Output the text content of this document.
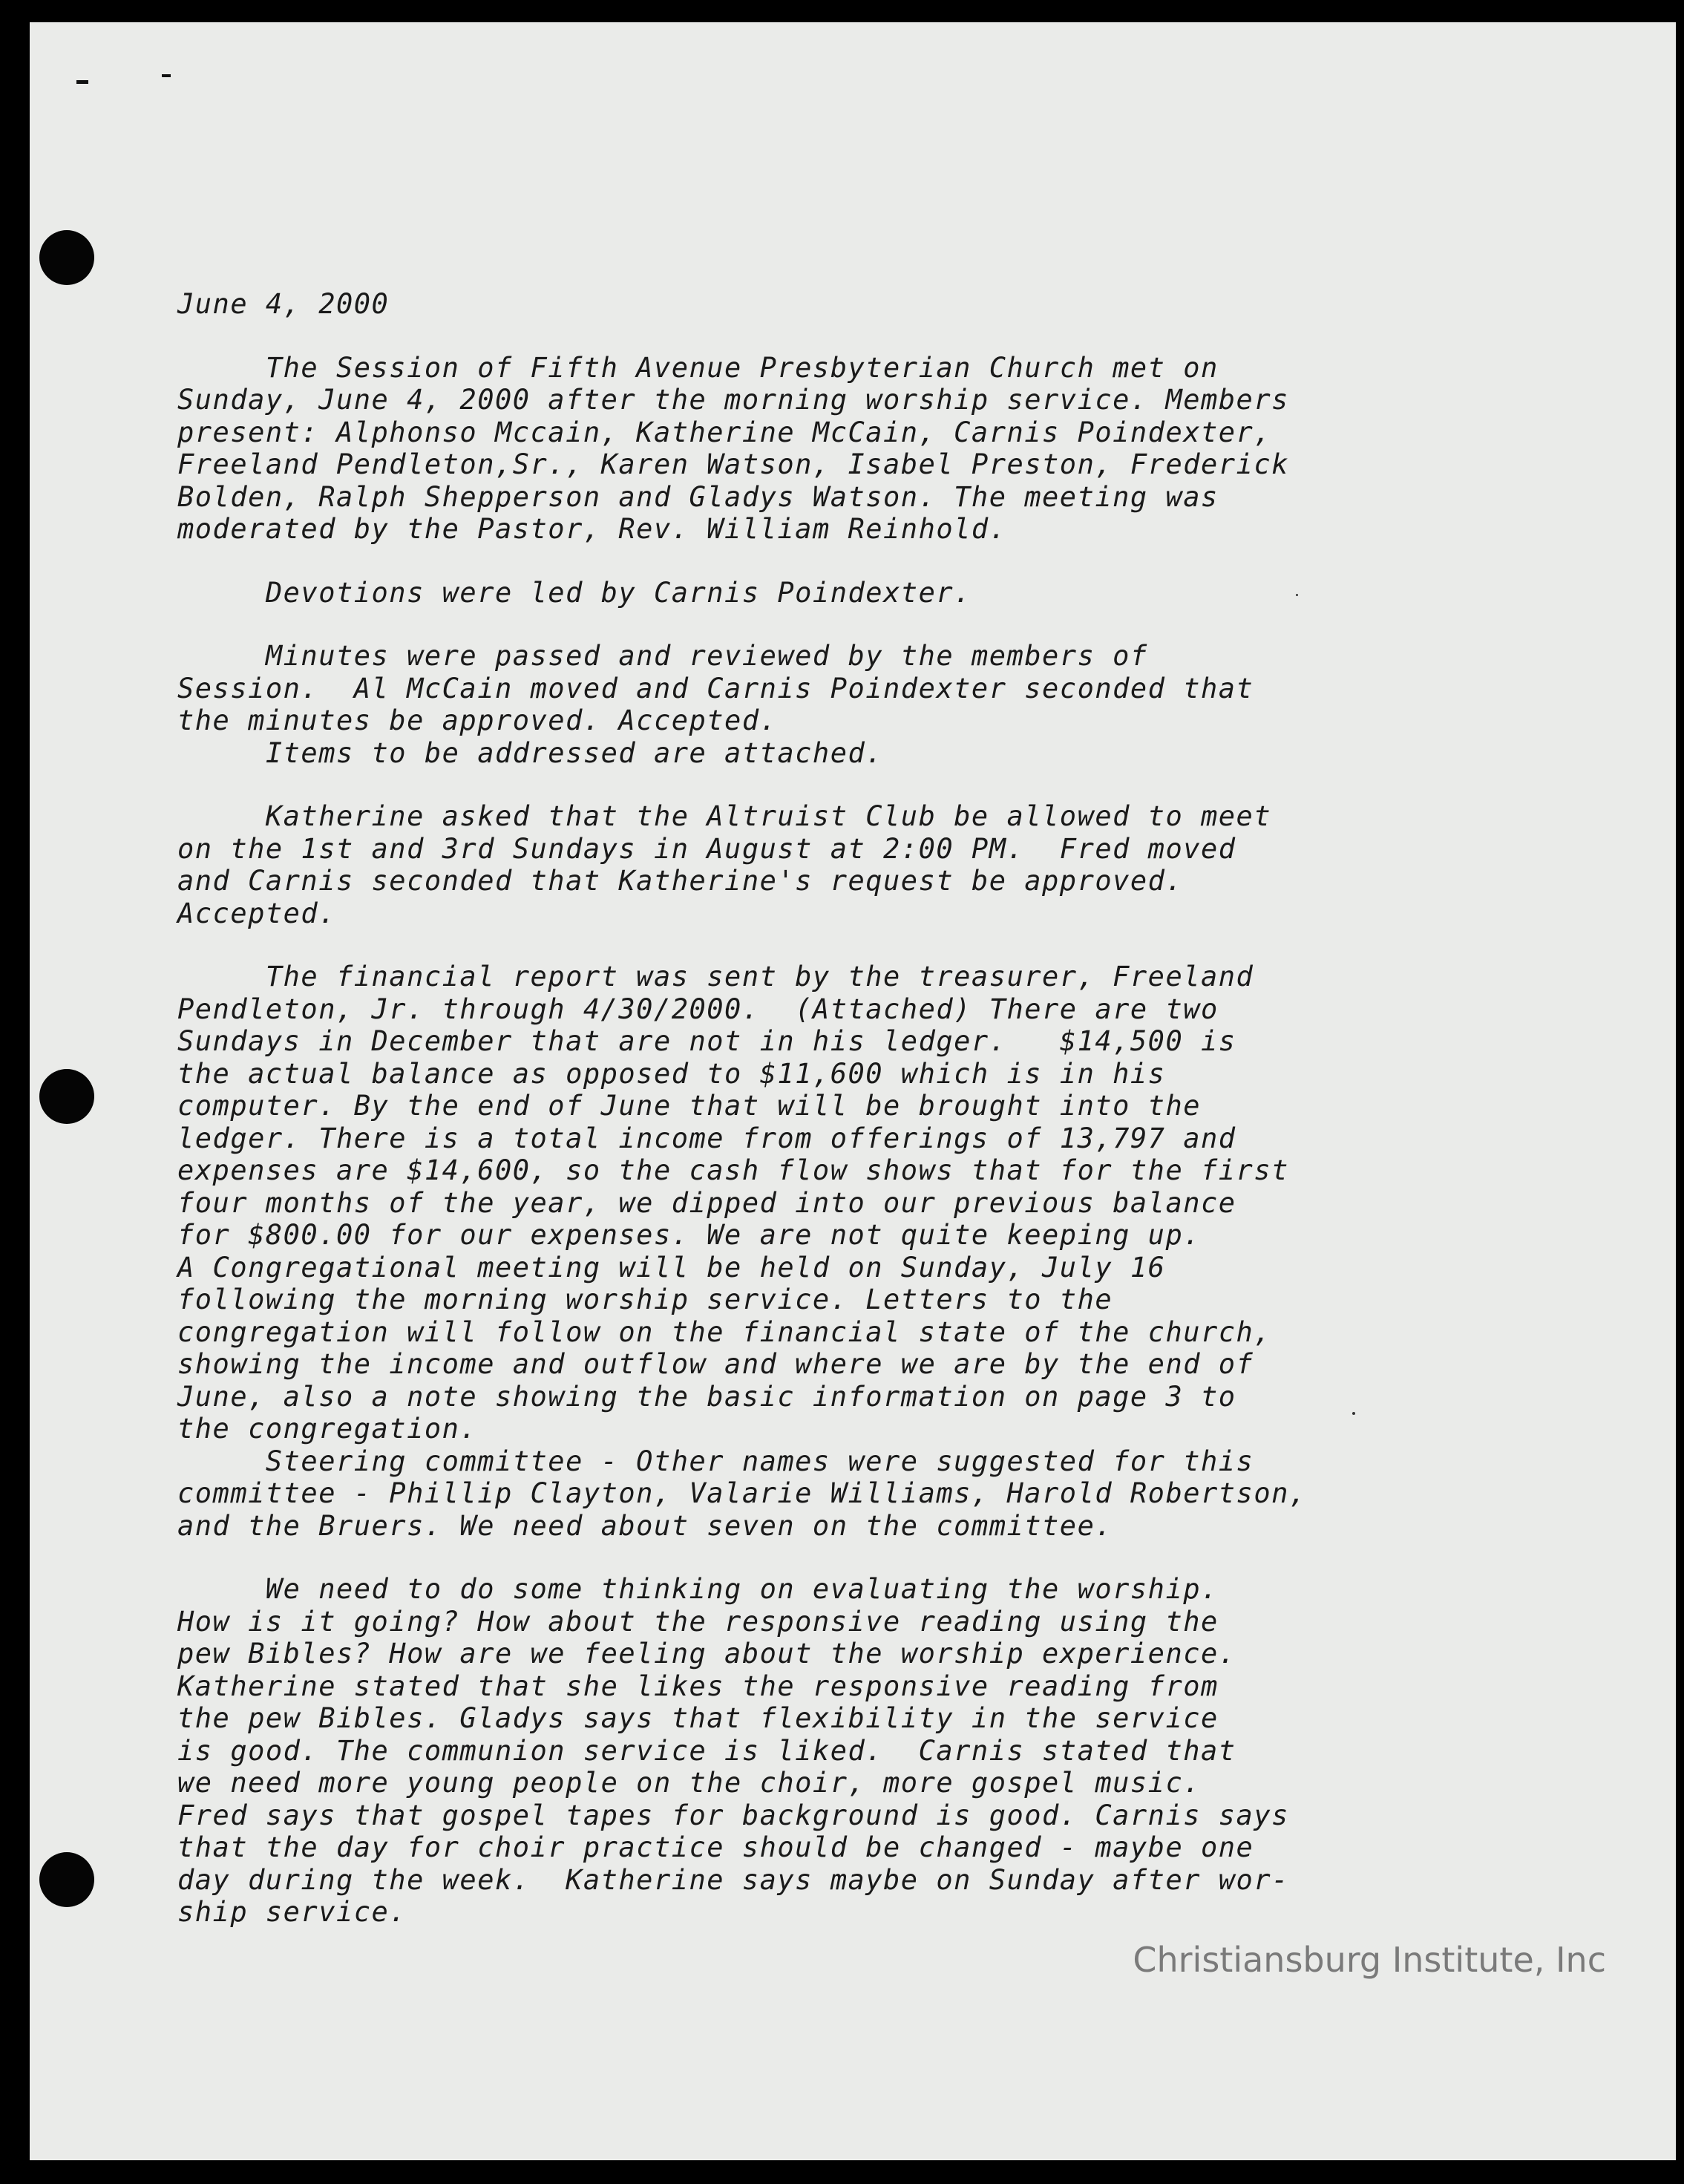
June 4, 2000
The Session of Fifth Avenue Presbyterian Church met on
Sunday, June 4, 2000 after the morning worship service. Members
present: Alphonso Mccain, Katherine McCain, Carnis Poindexter,
Freeland Pendleton,Sr., Karen Watson, Isabel Preston, Frederick
Bolden, Ralph Shepperson and Gladys Watson. The meeting was
moderated by the Pastor, Rev. William Reinhold.
Devotions were led by Carnis Poindexter.
Minutes were passed and reviewed by the members of
Session.  Al McCain moved and Carnis Poindexter seconded that
the minutes be approved. Accepted.
Items to be addressed are attached.
Katherine asked that the Altruist Club be allowed to meet
on the 1st and 3rd Sundays in August at 2:00 PM.  Fred moved
and Carnis seconded that Katherine's request be approved.
Accepted.
The financial report was sent by the treasurer, Freeland
Pendleton, Jr. through 4/30/2000.  (Attached) There are two
Sundays in December that are not in his ledger.   $14,500 is
the actual balance as opposed to $11,600 which is in his
computer. By the end of June that will be brought into the
ledger. There is a total income from offerings of 13,797 and
expenses are $14,600, so the cash flow shows that for the first
four months of the year, we dipped into our previous balance
for $800.00 for our expenses. We are not quite keeping up.
A Congregational meeting will be held on Sunday, July 16
following the morning worship service. Letters to the
congregation will follow on the financial state of the church,
showing the income and outflow and where we are by the end of
June, also a note showing the basic information on page 3 to
the congregation.
Steering committee - Other names were suggested for this
committee - Phillip Clayton, Valarie Williams, Harold Robertson,
and the Bruers. We need about seven on the committee.
We need to do some thinking on evaluating the worship.
How is it going? How about the responsive reading using the
pew Bibles? How are we feeling about the worship experience.
Katherine stated that she likes the responsive reading from
the pew Bibles. Gladys says that flexibility in the service
is good. The communion service is liked.  Carnis stated that
we need more young people on the choir, more gospel music.
Fred says that gospel tapes for background is good. Carnis says
that the day for choir practice should be changed - maybe one
day during the week.  Katherine says maybe on Sunday after wor-
ship service.
Christiansburg Institute, Inc
